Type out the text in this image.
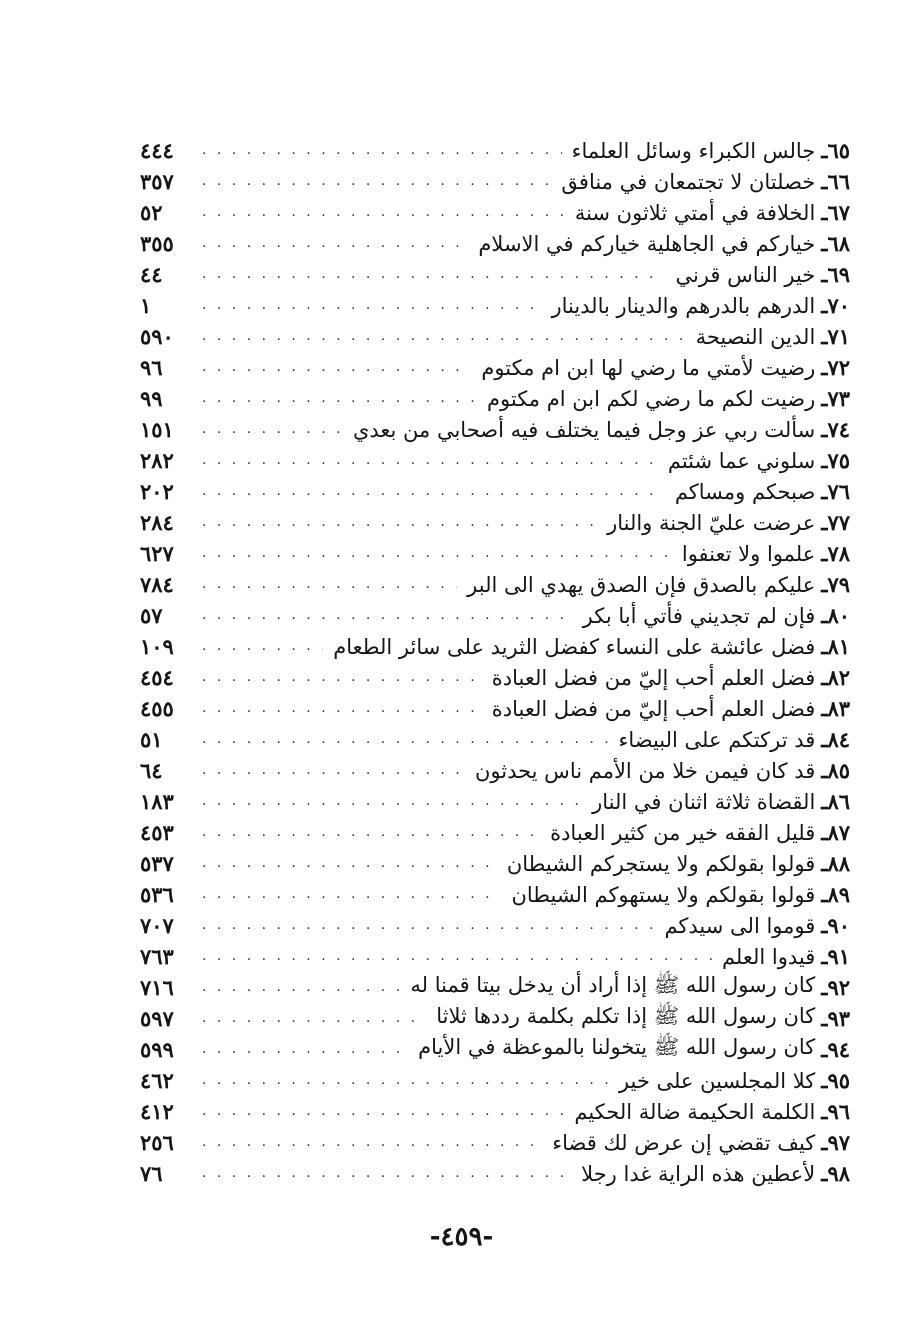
٦٥ـ
جالس الكبراء وسائل العلماء
. . .
٤٤٤
٦٦ـ
خصلتان لا تجتمعان في منافق
. . .
٣٥٧
٦٧ـ
الخلافة في أمتي ثلاثون سنة
. . .
٥٢
٦٨ـ
خياركم في الجاهلية خياركم في الاسلام
. . .
٣٥٥
٦٩ـ
خير الناس قرني
. . .
٤٤
٧٠ـ
الدرهم بالدرهم والدينار بالدينار
. . .
١
٧١ـ
الدين النصيحة
. . .
٥٩٠
٧٢ـ
رضيت لأمتي ما رضي لها ابن ام مكتوم
. . .
٩٦
٧٣ـ
رضيت لكم ما رضي لكم ابن ام مكتوم
. . .
٩٩
٧٤ـ
سألت ربي عز وجل فيما يختلف فيه أصحابي من بعدي
. . .
١٥١
٧٥ـ
سلوني عما شئتم
. . .
٢٨٢
٧٦ـ
صبحكم ومساكم
. . .
٢٠٢
٧٧ـ
عرضت عليّ الجنة والنار
. . .
٢٨٤
٧٨ـ
علموا ولا تعنفوا
. . .
٦٢٧
٧٩ـ
عليكم بالصدق فإن الصدق يهدي الى البر
. . .
٧٨٤
٨٠ـ
فإن لم تجديني فأتي أبا بكر
. . .
٥٧
٨١ـ
فضل عائشة على النساء كفضل الثريد على سائر الطعام
. . .
١٠٩
٨٢ـ
فضل العلم أحب إليّ من فضل العبادة
. . .
٤٥٤
٨٣ـ
فضل العلم أحب إليّ من فضل العبادة
. . .
٤٥٥
٨٤ـ
قد تركتكم على البيضاء
. . .
٥١
٨٥ـ
قد كان فيمن خلا من الأمم ناس يحدثون
. . .
٦٤
٨٦ـ
القضاة ثلاثة اثنان في النار
. . .
١٨٣
٨٧ـ
قليل الفقه خير من كثير العبادة
. . .
٤٥٣
٨٨ـ
قولوا بقولكم ولا يستجركم الشيطان
. . .
٥٣٧
٨٩ـ
قولوا بقولكم ولا يستهوكم الشيطان
. . .
٥٣٦
٩٠ـ
قوموا الى سيدكم
. . .
٧٠٧
٩١ـ
قيدوا العلم
. . .
٧٦٣
٩٢ـ
كان رسول الله ﷺ إذا أراد أن يدخل بيتا قمنا له
. . .
٧١٦
٩٣ـ
كان رسول الله ﷺ إذا تكلم بكلمة رددها ثلاثا
. . .
٥٩٧
٩٤ـ
كان رسول الله ﷺ يتخولنا بالموعظة في الأيام
. . .
٥٩٩
٩٥ـ
كلا المجلسين على خير
. . .
٤٦٢
٩٦ـ
الكلمة الحكيمة ضالة الحكيم
. . .
٤١٢
٩٧ـ
كيف تقضي إن عرض لك قضاء
. . .
٢٥٦
٩٨ـ
لأعطين هذه الراية غدا رجلا
. . .
٧٦
-٤٥٩-
